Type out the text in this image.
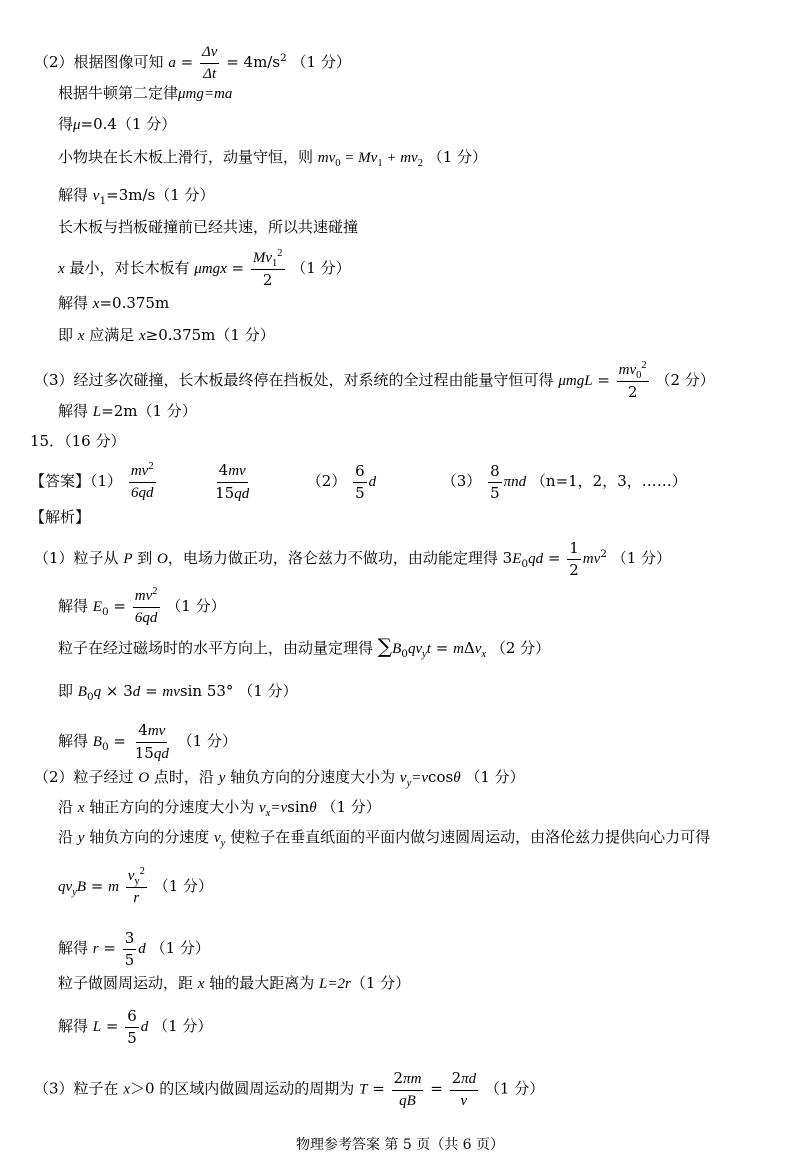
（2）根据图像可知 $a = \frac{\Delta v}{\Delta t} = 4m/s^2$ （1 分）
根据牛顿第二定律μmg=ma
得μ=0.4（1 分）
小物块在长木板上滑行，动量守恒，则 $mv_0 = Mv_1 + mv_2$ （1 分）
解得 $v_1=3m/s(1$ 分）
长木板与挡板碰撞前已经共速，所以共速碰撞
x 最小，对长木板有 $\mu mgx = \frac{Mv_1^2}{2} (1$ 分）
解得 x=0.375m
即 x 应满足 x≥0.375m（1 分）
（3）经过多次碰撞，长木板最终停在挡板处，对系统的全过程由能量守恒可得 $\mu mgL = \frac{mv_0^2}{2} (2$ 分）
解得 L=2m（1 分）
15．（16 分）
【答案】$(1) \frac{mv^2}{6qd}$
	$\frac{4mv}{15qd}$	$(2) \frac{6}{5}$ d	$(3) \frac{8}{5}$ πnd （n=1，2，3，……）
【解析】
（1）粒子从 P 到 O，电场力做正功，洛仑兹力不做功，由动能定理得 $3E_0qd = \frac{1}{2} mv^2$ （1 分）
解得 $E_0 = \frac{mv^2}{6qd} (1$ 分）
粒子在经过磁场时的水平方向上，由动量定理得 $\sum B_0qv_yt = m\Delta v_x$ （2 分）
即 $B_0q \times 3d = mvsin$ 53° （1 分）
解得 $B_0 = \frac{4mv}{15qd} (1$ 分）
（2）粒子经过 O 点时，沿 y 轴负方向的分速度大小为 $v_y=vcos\theta$ （1 分）
沿 x 轴正方向的分速度大小为 $v_x=vsin\theta$ （1 分）
沿 y 轴负方向的分速度 $v_y$ 使粒子在垂直纸面的平面内做匀速圆周运动，由洛伦兹力提供向心力可得
$qv_yB = m \frac{v_y^2}{r} (1$ 分）
解得 $r = \frac{3}{5}$ d （1 分）
粒子做圆周运动，距 x 轴的最大距离为 L=2r（1 分）
解得 $L = \frac{6}{5}$ d （1 分）
（3）粒子在 x＞0 的区域内做圆周运动的周期为 $T = \frac{2\pi m}{qB} = \frac{2\pi d}{v} (1$ 分）
物理参考答案 第 5 页（共 6 页）
